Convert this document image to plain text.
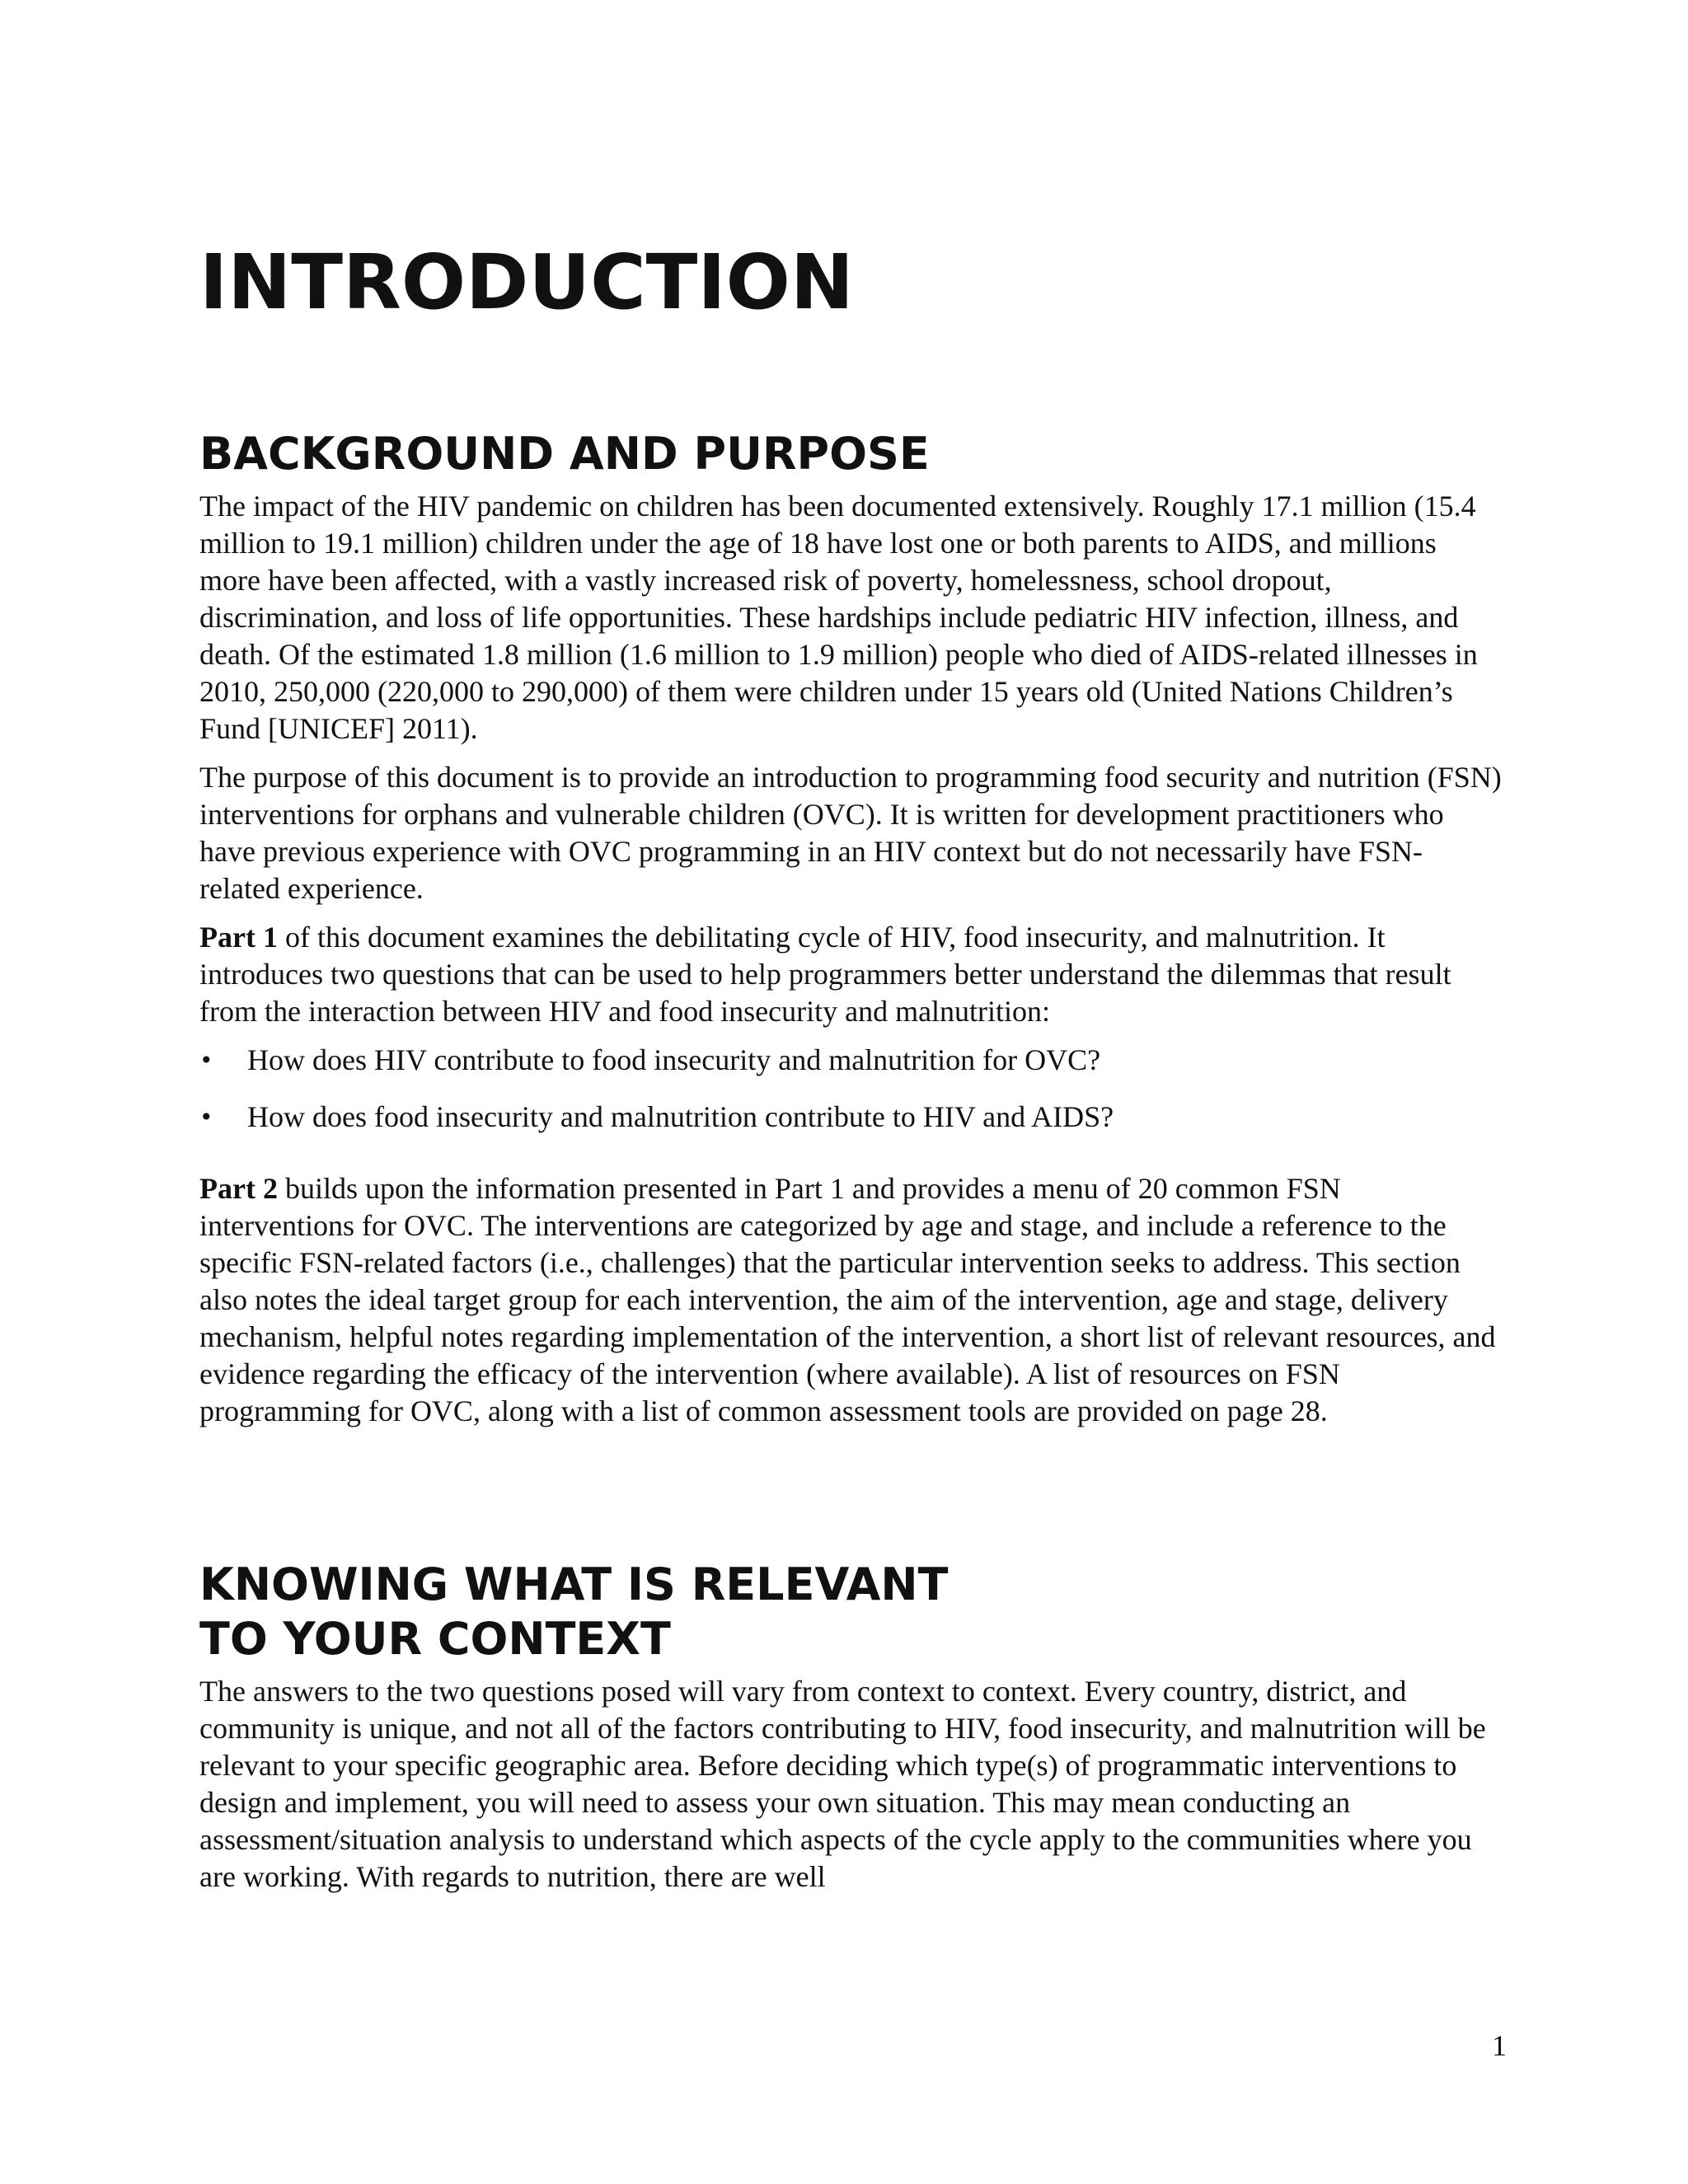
INTRODUCTION
BACKGROUND AND PURPOSE

The impact of the HIV pandemic on children has been documented extensively. Roughly 17.1 million (15.4 million to 19.1 million) children under the age of 18 have lost one or both parents to AIDS, and millions more have been affected, with a vastly increased risk of poverty, homelessness, school dropout, discrimination, and loss of life opportunities. These hardships include pediatric HIV infection, illness, and death. Of the estimated 1.8 million (1.6 million to 1.9 million) people who died of AIDS-related illnesses in 2010, 250,000 (220,000 to 290,000) of them were children under 15 years old (United Nations Children’s Fund [UNICEF] 2011).

The purpose of this document is to provide an introduction to programming food security and nutrition (FSN) interventions for orphans and vulnerable children (OVC). It is written for development practitioners who have previous experience with OVC programming in an HIV context but do not necessarily have FSN-related experience.

Part 1 of this document examines the debilitating cycle of HIV, food insecurity, and malnutrition. It introduces two questions that can be used to help programmers better understand the dilemmas that result from the interaction between HIV and food insecurity and malnutrition:

• How does HIV contribute to food insecurity and malnutrition for OVC?
• How does food insecurity and malnutrition contribute to HIV and AIDS?

Part 2 builds upon the information presented in Part 1 and provides a menu of 20 common FSN interventions for OVC. The interventions are categorized by age and stage, and include a reference to the specific FSN-related factors (i.e., challenges) that the particular intervention seeks to address. This section also notes the ideal target group for each intervention, the aim of the intervention, age and stage, delivery mechanism, helpful notes regarding implementation of the intervention, a short list of relevant resources, and evidence regarding the efficacy of the intervention (where available). A list of resources on FSN programming for OVC, along with a list of common assessment tools are provided on page 28.

KNOWING WHAT IS RELEVANT
TO YOUR CONTEXT

The answers to the two questions posed will vary from context to context. Every country, district, and community is unique, and not all of the factors contributing to HIV, food insecurity, and malnutrition will be relevant to your specific geographic area. Before deciding which type(s) of programmatic interventions to design and implement, you will need to assess your own situation. This may mean conducting an assessment/situation analysis to understand which aspects of the cycle apply to the communities where you are working. With regards to nutrition, there are well

1
